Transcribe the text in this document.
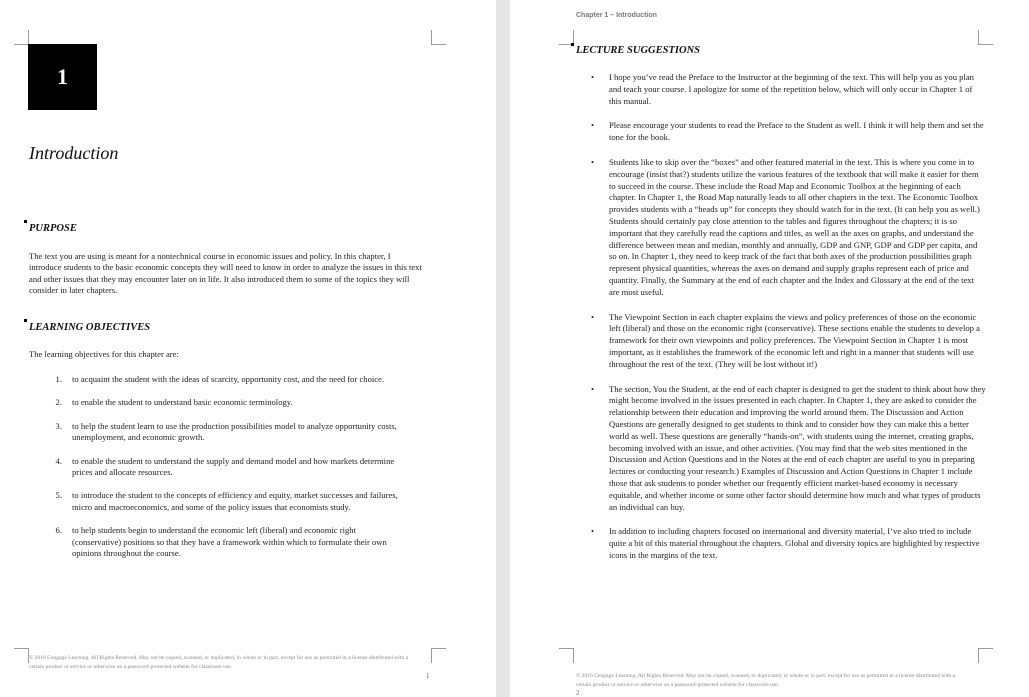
1
Introduction
PURPOSE
The text you are using is meant for a nontechnical course in economic issues and policy. In this chapter, I introduce students to the basic economic concepts they will need to know in order to analyze the issues in this text and other issues that they may encounter later on in life. It also introduced them to some of the topics they will consider in later chapters.
LEARNING OBJECTIVES
The learning objectives for this chapter are:
1.	to acquaint the student with the ideas of scarcity, opportunity cost, and the need for choice.
2.	to enable the student to understand basic economic terminology.
3.	to help the student learn to use the production possibilities model to analyze opportunity costs, unemployment, and economic growth.
4.	to enable the student to understand the supply and demand model and how markets determine prices and allocate resources.
5.	to introduce the student to the concepts of efficiency and equity, market successes and failures, micro and macroeconomics, and some of the policy issues that economists study.
6.	to help students begin to understand the economic left (liberal) and economic right (conservative) positions so that they have a framework within which to formulate their own opinions throughout the course.
© 2016 Cengage Learning. All Rights Reserved. May not be copied, scanned, or duplicated, in whole or in part, except for use as permitted in a license distributed with a certain product or service or otherwise on a password-protected website for classroom use.
1
Chapter 1 – Introduction
LECTURE SUGGESTIONS
•	I hope you’ve read the Preface to the Instructor at the beginning of the text. This will help you as you plan and teach your course. I apologize for some of the repetition below, which will only occur in Chapter 1 of this manual.
•	Please encourage your students to read the Preface to the Student as well. I think it will help them and set the tone for the book.
•	Students like to skip over the “boxes” and other featured material in the text. This is where you come in to encourage (insist that?) students utilize the various features of the textbook that will make it easier for them to succeed in the course. These include the Road Map and Economic Toolbox at the beginning of each chapter. In Chapter 1, the Road Map naturally leads to all other chapters in the text. The Economic Toolbox provides students with a “heads up” for concepts they should watch for in the text. (It can help you as well.) Students should certainly pay close attention to the tables and figures throughout the chapters; it is so important that they carefully read the captions and titles, as well as the axes on graphs, and understand the difference between mean and median, monthly and annually, GDP and GNP, GDP and GDP per capita, and so on. In Chapter 1, they need to keep track of the fact that both axes of the production possibilities graph represent physical quantities, whereas the axes on demand and supply graphs represent each of price and quantity. Finally, the Summary at the end of each chapter and the Index and Glossary at the end of the text are most useful.
•	The Viewpoint Section in each chapter explains the views and policy preferences of those on the economic left (liberal) and those on the economic right (conservative). These sections enable the students to develop a framework for their own viewpoints and policy preferences. The Viewpoint Section in Chapter 1 is most important, as it establishes the framework of the economic left and right in a manner that students will use throughout the rest of the text. (They will be lost without it!)
•	The section, You the Student, at the end of each chapter is designed to get the student to think about how they might become involved in the issues presented in each chapter. In Chapter 1, they are asked to consider the relationship between their education and improving the world around them. The Discussion and Action Questions are generally designed to get students to think and to consider how they can make this a better world as well. These questions are generally “hands-on”, with students using the internet, creating graphs, becoming involved with an issue, and other activities. (You may find that the web sites mentioned in the Discussion and Action Questions and in the Notes at the end of each chapter are useful to you in preparing lectures or conducting your research.) Examples of Discussion and Action Questions in Chapter 1 include those that ask students to ponder whether our frequently efficient market-based economy is necessary equitable, and whether income or some other factor should determine how much and what types of products an individual can buy.
•	In addition to including chapters focused on international and diversity material, I’ve also tried to include quite a bit of this material throughout the chapters. Global and diversity topics are highlighted by respective icons in the margins of the text.
© 2016 Cengage Learning. All Rights Reserved. May not be copied, scanned, or duplicated, in whole or in part, except for use as permitted in a license distributed with a certain product or service or otherwise on a password-protected website for classroom use.
2
